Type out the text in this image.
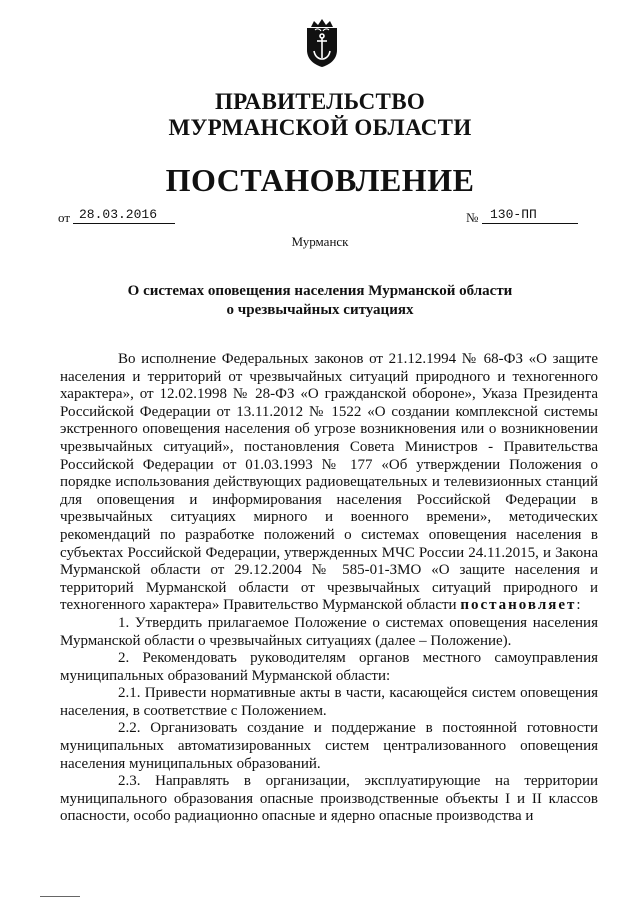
ПРАВИТЕЛЬСТВО
МУРМАНСКОЙ ОБЛАСТИ
ПОСТАНОВЛЕНИЕ
от 28.03.2016	№ 130-ПП
Мурманск
О системах оповещения населения Мурманской области
о чрезвычайных ситуациях

Во исполнение Федеральных законов от 21.12.1994 № 68-ФЗ «О защите населения и территорий от чрезвычайных ситуаций природного и техногенного характера», от 12.02.1998 № 28-ФЗ «О гражданской обороне», Указа Президента Российской Федерации от 13.11.2012 № 1522 «О создании комплексной системы экстренного оповещения населения об угрозе возникновения или о возникновении чрезвычайных ситуаций», постановления Совета Министров - Правительства Российской Федерации от 01.03.1993 № 177 «Об утверждении Положения о порядке использования действующих радиовещательных и телевизионных станций для оповещения и информирования населения Российской Федерации в чрезвычайных ситуациях мирного и военного времени», методических рекомендаций по разработке положений о системах оповещения населения в субъектах Российской Федерации, утвержденных МЧС России 24.11.2015, и Закона Мурманской области от 29.12.2004 № 585-01-ЗМО «О защите населения и территорий Мурманской области от чрезвычайных ситуаций природного и техногенного характера» Правительство Мурманской области постановляет:

1. Утвердить прилагаемое Положение о системах оповещения населения Мурманской области о чрезвычайных ситуациях (далее – Положение).

2. Рекомендовать руководителям органов местного самоуправления муниципальных образований Мурманской области:

2.1. Привести нормативные акты в части, касающейся систем оповещения населения, в соответствие с Положением.

2.2. Организовать создание и поддержание в постоянной готовности муниципальных автоматизированных систем централизованного оповещения населения муниципальных образований.

2.3. Направлять в организации, эксплуатирующие на территории муниципального образования опасные производственные объекты I и II классов опасности, особо радиационно опасные и ядерно опасные производства и
